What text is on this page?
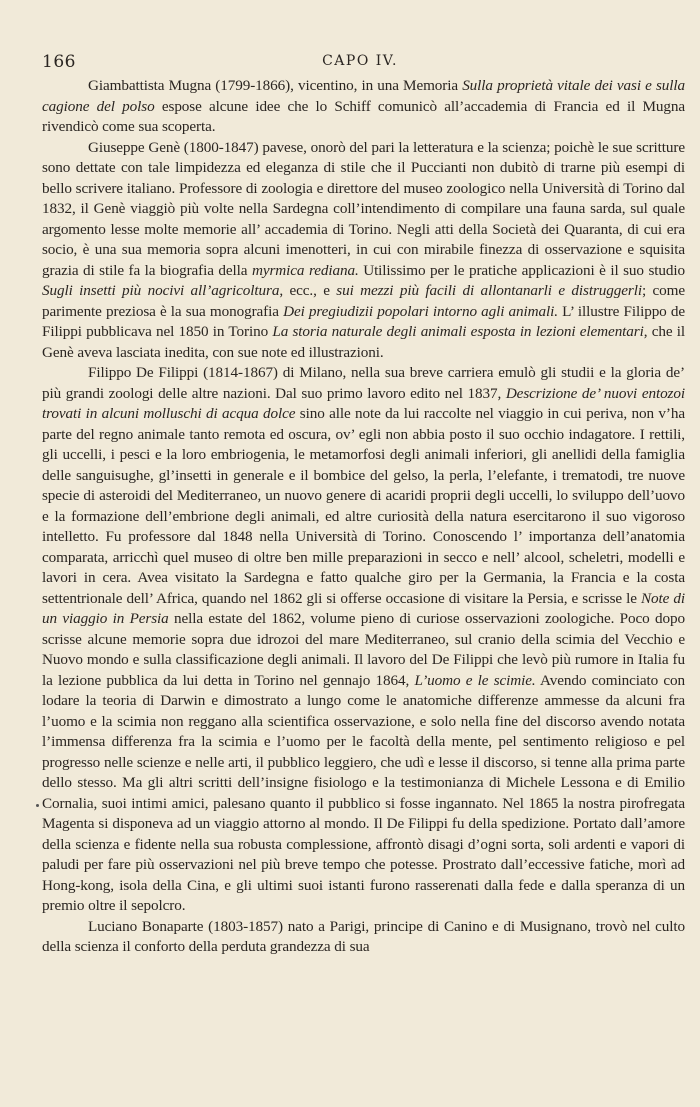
166	CAPO IV.

Giambattista Mugna (1799-1866), vicentino, in una Memoria Sulla proprietà vitale dei vasi e sulla cagione del polso espose alcune idee che lo Schiff comunicò all’accademia di Francia ed il Mugna rivendicò come sua scoperta.

Giuseppe Genè (1800-1847) pavese, onorò del pari la letteratura e la scienza; poichè le sue scritture sono dettate con tale limpidezza ed eleganza di stile che il Puccianti non dubitò di trarne più esempi di bello scrivere italiano. Professore di zoologia e direttore del museo zoologico nella Università di Torino dal 1832, il Genè viaggiò più volte nella Sardegna coll’intendimento di compilare una fauna sarda, sul quale argomento lesse molte memorie all’ accademia di Torino. Negli atti della Società dei Quaranta, di cui era socio, è una sua memoria sopra alcuni imenotteri, in cui con mirabile finezza di osservazione e squisita grazia di stile fa la biografia della myrmica rediana. Utilissimo per le pratiche applicazioni è il suo studio Sugli insetti più nocivi all’agricoltura, ecc., e sui mezzi più facili di allontanarli e distruggerli; come parimente preziosa è la sua monografia Dei pregiudizii popolari intorno agli animali. L’ illustre Filippo de Filippi pubblicava nel 1850 in Torino La storia naturale degli animali esposta in lezioni elementari, che il Genè aveva lasciata inedita, con sue note ed illustrazioni.

Filippo De Filippi (1814-1867) di Milano, nella sua breve carriera emulò gli studii e la gloria de’ più grandi zoologi delle altre nazioni. Dal suo primo lavoro edito nel 1837, Descrizione de’ nuovi entozoi trovati in alcuni molluschi di acqua dolce sino alle note da lui raccolte nel viaggio in cui periva, non v’ha parte del regno animale tanto remota ed oscura, ov’ egli non abbia posto il suo occhio indagatore. I rettili, gli uccelli, i pesci e la loro embriogenia, le metamorfosi degli animali inferiori, gli anellidi della famiglia delle sanguisughe, gl’insetti in generale e il bombice del gelso, la perla, l’elefante, i trematodi, tre nuove specie di asteroidi del Mediterraneo, un nuovo genere di acaridi proprii degli uccelli, lo sviluppo dell’uovo e la formazione dell’embrione degli animali, ed altre curiosità della natura esercitarono il suo vigoroso intelletto. Fu professore dal 1848 nella Università di Torino. Conoscendo l’ importanza dell’anatomia comparata, arricchì quel museo di oltre ben mille preparazioni in secco e nell’ alcool, scheletri, modelli e lavori in cera. Avea visitato la Sardegna e fatto qualche giro per la Germania, la Francia e la costa settentrionale dell’ Africa, quando nel 1862 gli si offerse occasione di visitare la Persia, e scrisse le Note di un viaggio in Persia nella estate del 1862, volume pieno di curiose osservazioni zoologiche. Poco dopo scrisse alcune memorie sopra due idrozoi del mare Mediterraneo, sul cranio della scimia del Vecchio e Nuovo mondo e sulla classificazione degli animali. Il lavoro del De Filippi che levò più rumore in Italia fu la lezione pubblica da lui detta in Torino nel gennajo 1864, L’uomo e le scimie. Avendo cominciato con lodare la teoria di Darwin e dimostrato a lungo come le anatomiche differenze ammesse da alcuni fra l’uomo e la scimia non reggano alla scientifica osservazione, e solo nella fine del discorso avendo notata l’immensa differenza fra la scimia e l’uomo per le facoltà della mente, pel sentimento religioso e pel progresso nelle scienze e nelle arti, il pubblico leggiero, che udì e lesse il discorso, si tenne alla prima parte dello stesso. Ma gli altri scritti dell’insigne fisiologo e la testimonianza di Michele Lessona e di Emilio Cornalia, suoi intimi amici, palesano quanto il pubblico si fosse ingannato. Nel 1865 la nostra pirofregata Magenta si disponeva ad un viaggio attorno al mondo. Il De Filippi fu della spedizione. Portato dall’amore della scienza e fidente nella sua robusta complessione, affrontò disagi d’ogni sorta, soli ardenti e vapori di paludi per fare più osservazioni nel più breve tempo che potesse. Prostrato dall’eccessive fatiche, morì ad Hong-kong, isola della Cina, e gli ultimi suoi istanti furono rasserenati dalla fede e dalla speranza di un premio oltre il sepolcro.

Luciano Bonaparte (1803-1857) nato a Parigi, principe di Canino e di Musignano, trovò nel culto della scienza il conforto della perduta grandezza di sua
